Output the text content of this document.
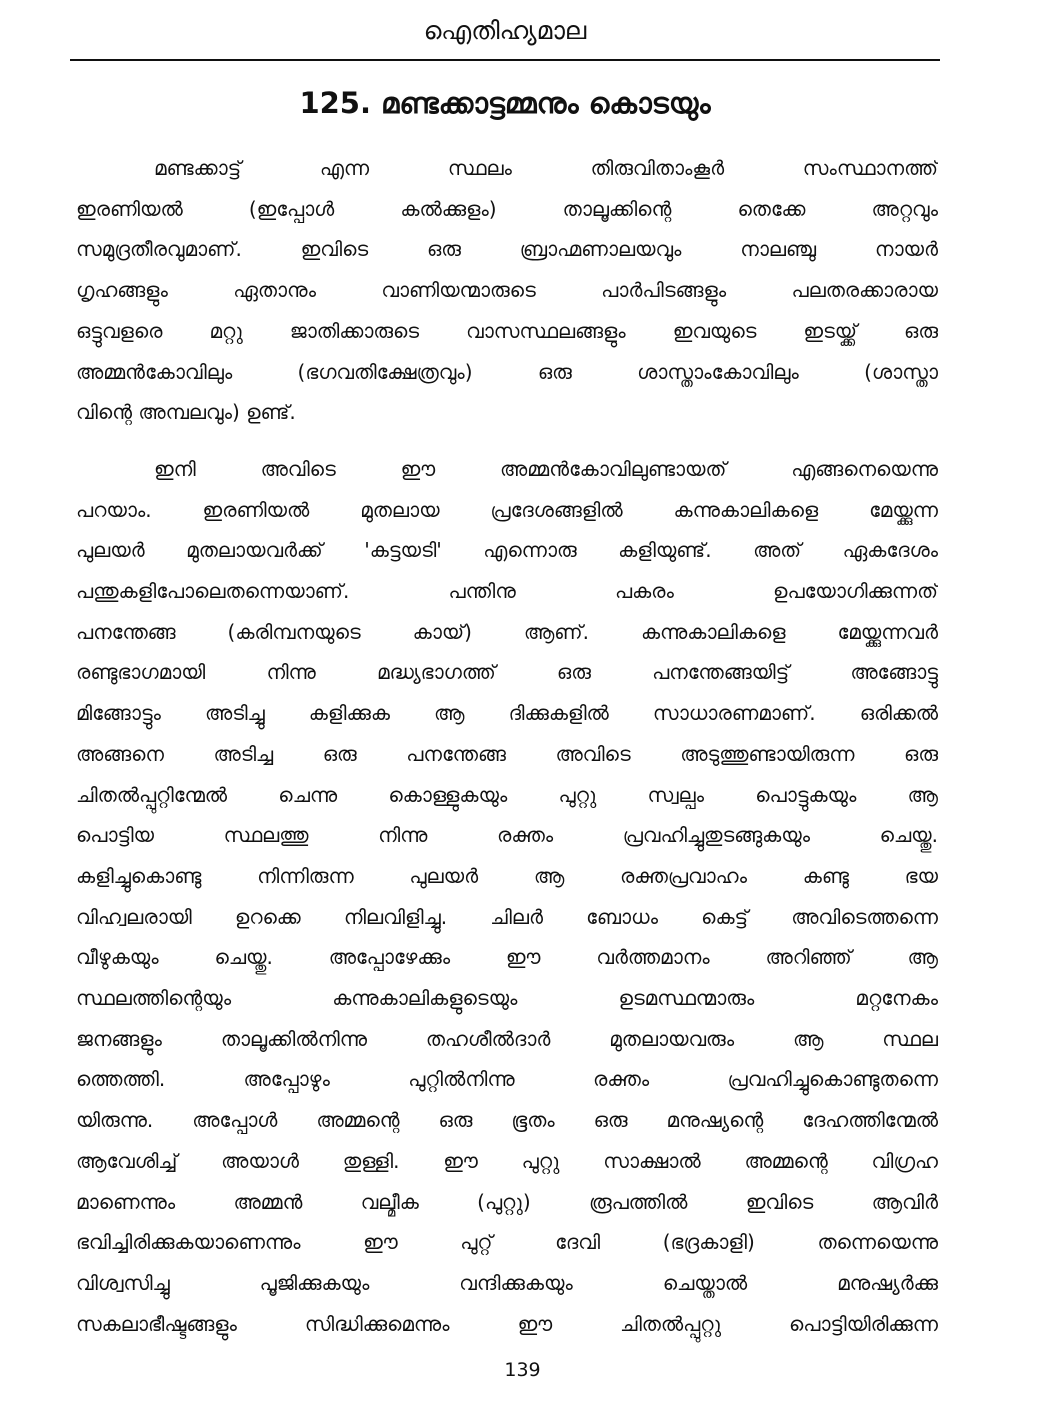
ഐതിഹ്യമാല
125. മണ്ടക്കാട്ടമ്മനും കൊടയും
മണ്ടക്കാട്ട് എന്ന സ്ഥലം തിരുവിതാംകൂർ സംസ്ഥാനത്ത്
ഇരണിയൽ (ഇപ്പോൾ കൽക്കുളം) താലൂക്കിന്റെ തെക്കേ അറ്റവും
സമുദ്രതീരവുമാണ്. ഇവിടെ ഒരു ബ്രാഹ്മണാലയവും നാലഞ്ചു നായർ
ഗൃഹങ്ങളും ഏതാനും വാണിയന്മാരുടെ പാർപിടങ്ങളും പലതരക്കാരായ
ഒട്ടുവളരെ മറ്റു ജാതിക്കാരുടെ വാസസ്ഥലങ്ങളും ഇവയുടെ ഇടയ്ക്ക് ഒരു
അമ്മൻകോവിലും (ഭഗവതിക്ഷേത്രവും) ഒരു ശാസ്താംകോവിലും (ശാസ്താ
വിന്റെ അമ്പലവും) ഉണ്ട്.
ഇനി അവിടെ ഈ അമ്മൻകോവിലുണ്ടായത് എങ്ങനെയെന്നു
പറയാം. ഇരണിയൽ മുതലായ പ്രദേശങ്ങളിൽ കന്നുകാലികളെ മേയ്ക്കുന്ന
പുലയർ മുതലായവർക്ക് 'കട്ടയടി' എന്നൊരു കളിയുണ്ട്. അത് ഏകദേശം
പന്തുകളിപോലെതന്നെയാണ്. പന്തിനു പകരം ഉപയോഗിക്കുന്നത്
പനന്തേങ്ങ (കരിമ്പനയുടെ കായ്) ആണ്. കന്നുകാലികളെ മേയ്ക്കുന്നവർ
രണ്ടുഭാഗമായി നിന്നു മദ്ധ്യഭാഗത്ത് ഒരു പനന്തേങ്ങയിട്ട് അങ്ങോട്ടു
മിങ്ങോട്ടും അടിച്ചു കളിക്കുക ആ ദിക്കുകളിൽ സാധാരണമാണ്. ഒരിക്കൽ
അങ്ങനെ അടിച്ച ഒരു പനന്തേങ്ങ അവിടെ അടുത്തുണ്ടായിരുന്ന ഒരു
ചിതൽപ്പുറ്റിന്മേൽ ചെന്നു കൊള്ളുകയും പുറ്റു സ്വല്പം പൊട്ടുകയും ആ
പൊട്ടിയ സ്ഥലത്തു നിന്നു രക്തം പ്രവഹിച്ചുതുടങ്ങുകയും ചെയ്തു.
കളിച്ചുകൊണ്ടു നിന്നിരുന്ന പുലയർ ആ രക്തപ്രവാഹം കണ്ടു ഭയ
വിഹ്വലരായി ഉറക്കെ നിലവിളിച്ചു. ചിലർ ബോധം കെട്ട് അവിടെത്തന്നെ
വീഴുകയും ചെയ്തു. അപ്പോഴേക്കും ഈ വർത്തമാനം അറിഞ്ഞ് ആ
സ്ഥലത്തിന്റെയും കന്നുകാലികളുടെയും ഉടമസ്ഥന്മാരും മറ്റനേകം
ജനങ്ങളും താലൂക്കിൽനിന്നു തഹശീൽദാർ മുതലായവരും ആ സ്ഥല
ത്തെത്തി. അപ്പോഴും പുറ്റിൽനിന്നു രക്തം പ്രവഹിച്ചുകൊണ്ടുതന്നെ
യിരുന്നു. അപ്പോൾ അമ്മന്റെ ഒരു ഭൂതം ഒരു മനുഷ്യന്റെ ദേഹത്തിന്മേൽ
ആവേശിച്ച് അയാൾ തുള്ളി. ഈ പുറ്റു സാക്ഷാൽ അമ്മന്റെ വിഗ്രഹ
മാണെന്നും അമ്മൻ വല്മീക (പുറ്റു) രൂപത്തിൽ ഇവിടെ ആവിർ
ഭവിച്ചിരിക്കുകയാണെന്നും ഈ പുറ്റ് ദേവി (ഭദ്രകാളി) തന്നെയെന്നു
വിശ്വസിച്ചു പൂജിക്കുകയും വന്ദിക്കുകയും ചെയ്താൽ മനുഷ്യർക്കു
സകലാഭീഷ്ടങ്ങളും സിദ്ധിക്കുമെന്നും ഈ ചിതൽപ്പുറ്റു പൊട്ടിയിരിക്കുന്ന
139
